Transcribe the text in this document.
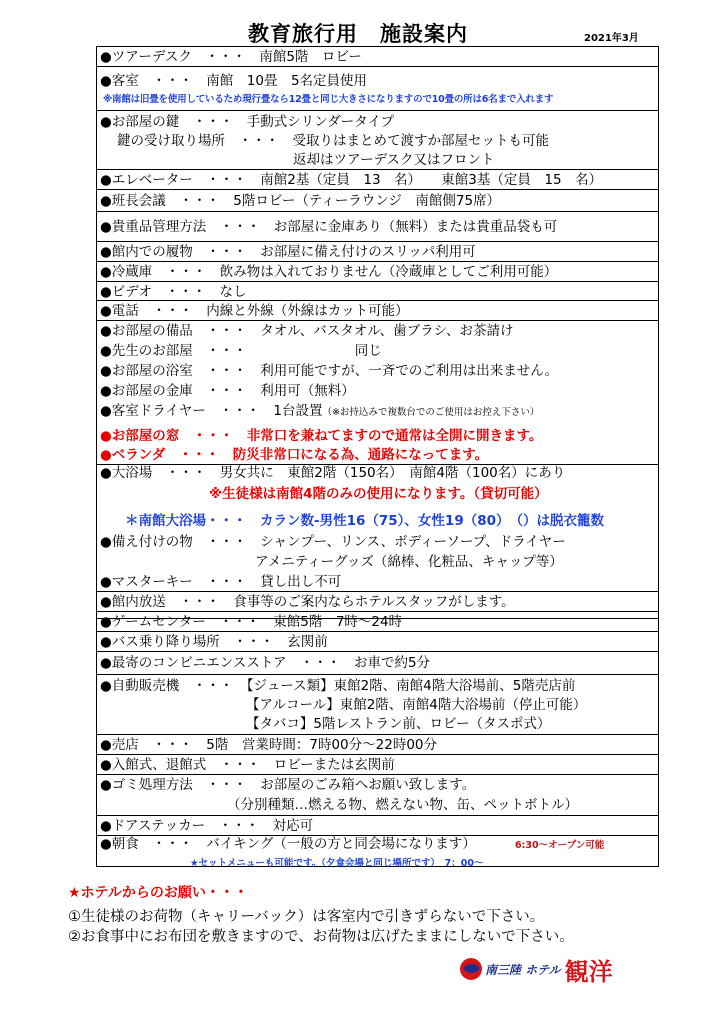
教育旅行用　施設案内	2021年3月
●ツアーデスク　・・・　南館5階　ロビー
●客室　・・・　南館　10畳　5名定員使用
※南館は旧畳を使用しているため現行畳なら12畳と同じ大きさになりますので10畳の所は6名まで入れます
●お部屋の鍵　・・・　手動式シリンダータイプ
鍵の受け取り場所　・・・　受取りはまとめて渡すか部屋セットも可能
返却はツアーデスク又はフロント
●エレベーター　・・・　南館2基（定員　13　名）　　東館3基（定員　15　名）
●班長会議　・・・　5階ロビー（ティーラウンジ　南館側75席）
●貴重品管理方法　・・・　お部屋に金庫あり（無料）または貴重品袋も可
●館内での履物　・・・　お部屋に備え付けのスリッパ利用可
●冷蔵庫　・・・　飲み物は入れておりません（冷蔵庫としてご利用可能）
●ビデオ　・・・　なし
●電話　・・・　内線と外線（外線はカット可能）
●お部屋の備品　・・・　タオル、バスタオル、歯ブラシ、お茶請け
●先生のお部屋　・・・　　　　　　　　同じ
●お部屋の浴室　・・・　利用可能ですが、一斉でのご利用は出来ません。
●お部屋の金庫　・・・　利用可（無料）
●客室ドライヤー　・・・　1台設置（※お持込みで複数台でのご使用はお控え下さい）
●お部屋の窓　・・・　非常口を兼ねてますので通常は全開に開きます。
●ベランダ　・・・　防災非常口になる為、通路になってます。
●大浴場　・・・　男女共に　東館2階（150名）　南館4階（100名）にあり
※生徒様は南館4階のみの使用になります。（貸切可能）
＊南館大浴場・・・　カラン数-男性16（75）、女性19（80）　（）は脱衣籠数
●備え付けの物　・・・　シャンプー、リンス、ボディーソープ、ドライヤー
アメニティーグッズ（綿棒、化粧品、キャップ等）
●マスターキー　・・・　貸し出し不可
●館内放送　・・・　食事等のご案内ならホテルスタッフがします。
●ゲームセンター　・・・　東館5階　7時～24時
●バス乗り降り場所　・・・　玄関前
●最寄のコンビニエンスストア　・・・　お車で約5分
●自動販売機　・・・　【ジュース類】東館2階、南館4階大浴場前、5階売店前
【アルコール】東館2階、南館4階大浴場前（停止可能）
【タバコ】5階レストラン前、ロビー（タスポ式）
●売店　・・・　5階　営業時間：7時00分～22時00分
●入館式、退館式　・・・　ロビーまたは玄関前
●ゴミ処理方法　・・・　お部屋のごみ箱へお願い致します。
（分別種類…燃える物、燃えない物、缶、ペットボトル）
●ドアステッカー　・・・　対応可
●朝食　・・・　バイキング（一般の方と同会場になります）	6:30～オープン可能
★セットメニューも可能です。（夕食会場と同じ場所です）　7：00～
★ホテルからのお願い・・・
①生徒様のお荷物（キャリーバック）は客室内で引きずらないで下さい。
②お食事中にお布団を敷きますので、お荷物は広げたままにしないで下さい。
南三陸 ホテル 観洋
